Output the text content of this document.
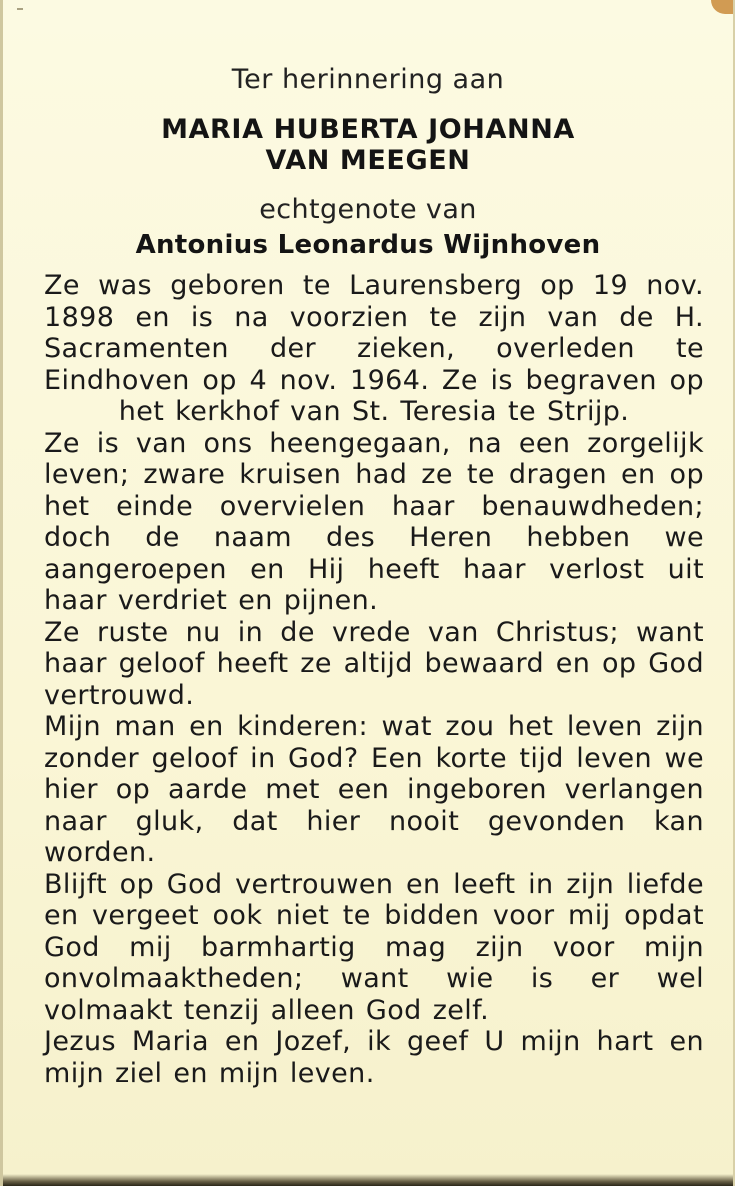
Ter herinnering aan
MARIA HUBERTA JOHANNA
VAN MEEGEN
echtgenote van
Antonius Leonardus Wijnhoven

Ze was geboren te Laurensberg op 19 nov. 1898 en is na voorzien te zijn van de H. Sacramenten der zieken, overleden te Eindhoven op 4 nov. 1964. Ze is begraven op het kerkhof van St. Teresia te Strijp.

Ze is van ons heengegaan, na een zorgelijk leven; zware kruisen had ze te dragen en op het einde overvielen haar benauwdheden; doch de naam des Heren hebben we aangeroepen en Hij heeft haar verlost uit haar verdriet en pijnen.

Ze ruste nu in de vrede van Christus; want haar geloof heeft ze altijd bewaard en op God vertrouwd.

Mijn man en kinderen: wat zou het leven zijn zonder geloof in God? Een korte tijd leven we hier op aarde met een ingeboren verlangen naar gluk, dat hier nooit gevonden kan worden.

Blijft op God vertrouwen en leeft in zijn liefde en vergeet ook niet te bidden voor mij opdat God mij barmhartig mag zijn voor mijn onvolmaaktheden; want wie is er wel volmaakt tenzij alleen God zelf.

Jezus Maria en Jozef, ik geef U mijn hart en mijn ziel en mijn leven.
